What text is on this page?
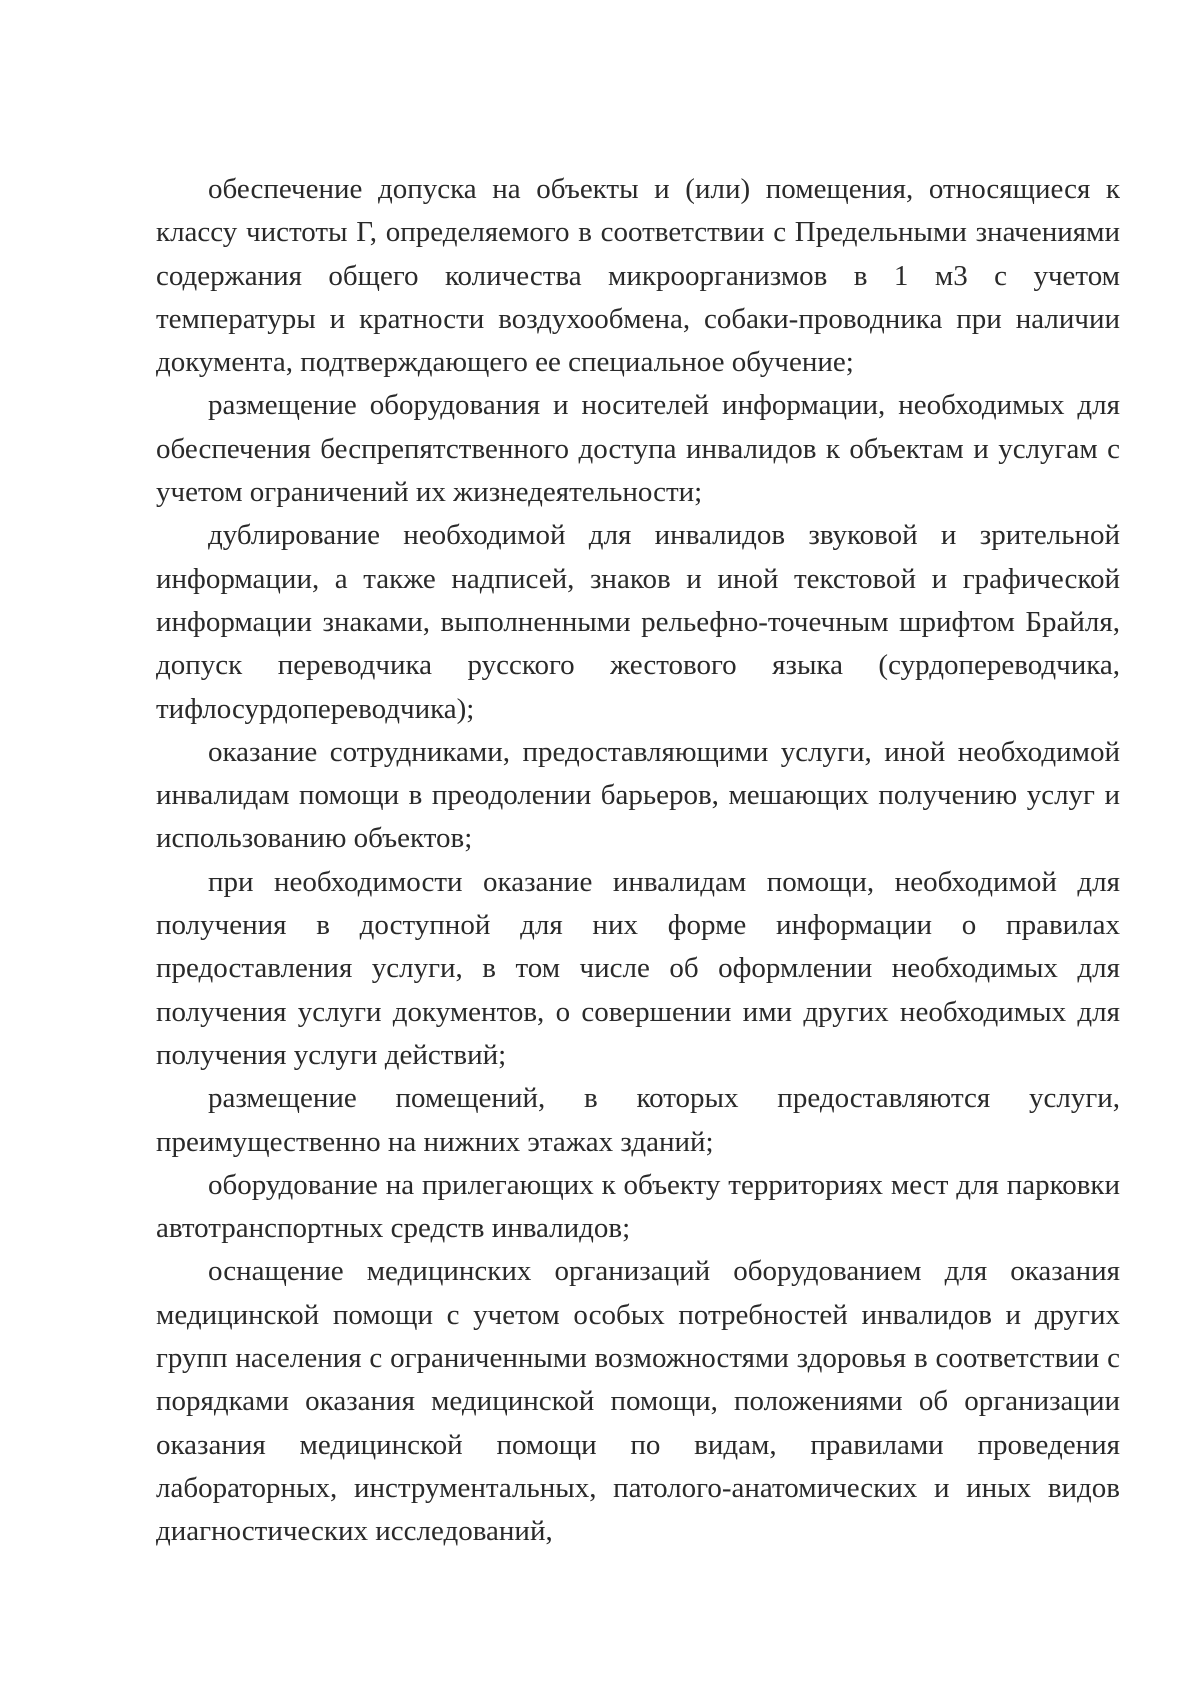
обеспечение допуска на объекты и (или) помещения, относящиеся к классу чистоты Г, определяемого в соответствии с Предельными значениями содержания общего количества микроорганизмов в 1 м3 с учетом температуры и кратности воздухообмена, собаки-проводника при наличии документа, подтверждающего ее специальное обучение;

размещение оборудования и носителей информации, необходимых для обеспечения беспрепятственного доступа инвалидов к объектам и услугам с учетом ограничений их жизнедеятельности;

дублирование необходимой для инвалидов звуковой и зрительной информации, а также надписей, знаков и иной текстовой и графической информации знаками, выполненными рельефно-точечным шрифтом Брайля, допуск переводчика русского жестового языка (сурдопереводчика, тифлосурдопереводчика);

оказание сотрудниками, предоставляющими услуги, иной необходимой инвалидам помощи в преодолении барьеров, мешающих получению услуг и использованию объектов;

при необходимости оказание инвалидам помощи, необходимой для получения в доступной для них форме информации о правилах предоставления услуги, в том числе об оформлении необходимых для получения услуги документов, о совершении ими других необходимых для получения услуги действий;

размещение помещений, в которых предоставляются услуги, преимущественно на нижних этажах зданий;

оборудование на прилегающих к объекту территориях мест для парковки автотранспортных средств инвалидов;

оснащение медицинских организаций оборудованием для оказания медицинской помощи с учетом особых потребностей инвалидов и других групп населения с ограниченными возможностями здоровья в соответствии с порядками оказания медицинской помощи, положениями об организации оказания медицинской помощи по видам, правилами проведения лабораторных, инструментальных, патолого-анатомических и иных видов диагностических исследований,
